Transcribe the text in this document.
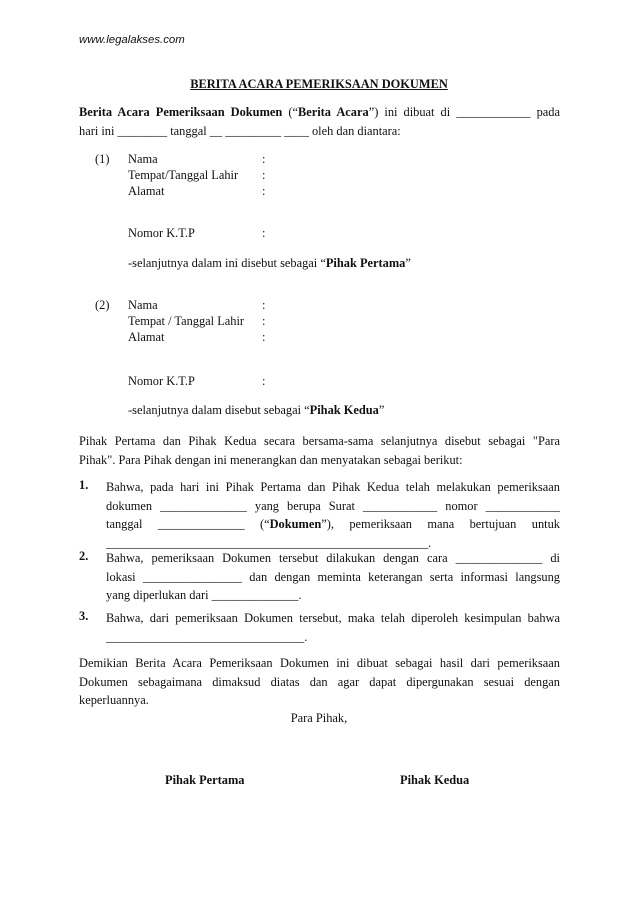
www.legalakses.com
BERITA ACARA PEMERIKSAAN DOKUMEN
Berita Acara Pemeriksaan Dokumen (“Berita Acara”) ini dibuat di ____________ pada
hari ini ________ tanggal __ _________ ____ oleh dan diantara:
(1) Nama	:
Tempat/Tanggal Lahir :
Alamat	:
Nomor K.T.P	:
-selanjutnya dalam ini disebut sebagai “Pihak Pertama”
(2) Nama	:
Tempat / Tanggal Lahir :
Alamat	:
Nomor K.T.P	:
-selanjutnya dalam disebut sebagai “Pihak Kedua”
Pihak Pertama dan Pihak Kedua secara bersama-sama selanjutnya disebut sebagai "Para
Pihak". Para Pihak dengan ini menerangkan dan menyatakan sebagai berikut:
1. Bahwa, pada hari ini Pihak Pertama dan Pihak Kedua telah melakukan pemeriksaan
dokumen ______________ yang berupa Surat ____________ nomor ____________
tanggal ______________ (“Dokumen”), pemeriksaan mana bertujuan untuk
____________________________________________________.
2. Bahwa, pemeriksaan Dokumen tersebut dilakukan dengan cara ______________ di
lokasi ________________ dan dengan meminta keterangan serta informasi langsung
yang diperlukan dari ______________.
3. Bahwa, dari pemeriksaan Dokumen tersebut, maka telah diperoleh kesimpulan bahwa
________________________________.
Demikian Berita Acara Pemeriksaan Dokumen ini dibuat sebagai hasil dari pemeriksaan
Dokumen sebagaimana dimaksud diatas dan agar dapat dipergunakan sesuai dengan
keperluannya.
Para Pihak,
Pihak Pertama	Pihak Kedua
